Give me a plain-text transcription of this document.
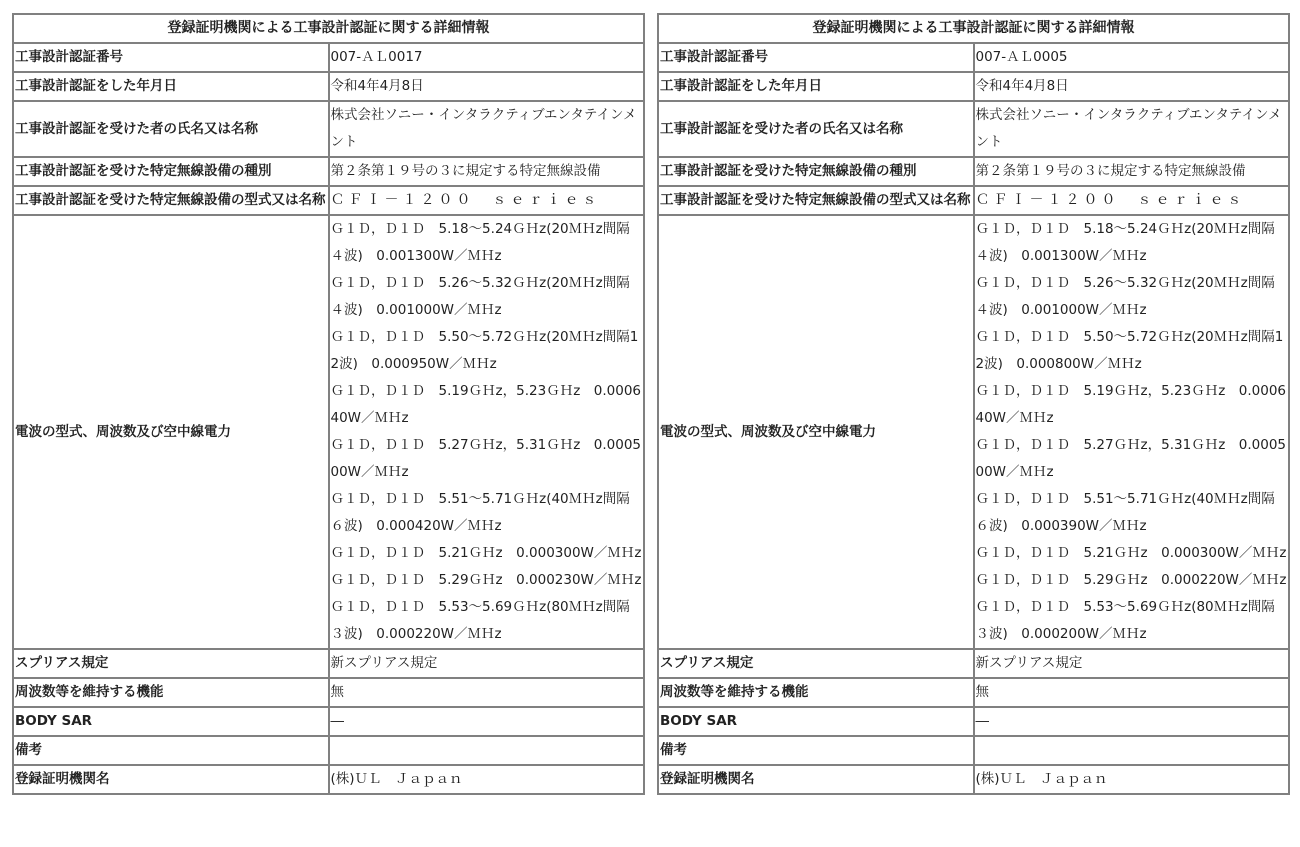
登録証明機関による工事設計認証に関する詳細情報	
工事設計認証番号	007-ＡＬ0017
工事設計認証をした年月日	令和4年4月8日
工事設計認証を受けた者の氏名又は名称	株式会社ソニー・インタラクティブエンタテインメント
工事設計認証を受けた特定無線設備の種別	第２条第１９号の３に規定する特定無線設備
工事設計認証を受けた特定無線設備の型式又は名称	ＣＦＩ－１２００　ｓｅｒｉｅｓ
電波の型式、周波数及び空中線電力	
Ｇ１Ｄ，Ｄ１Ｄ　5.18～5.24ＧＨz(20ＭＨz間隔４波)　0.001300W／ＭＨz
Ｇ１Ｄ，Ｄ１Ｄ　5.26～5.32ＧＨz(20ＭＨz間隔４波)　0.001000W／ＭＨz
Ｇ１Ｄ，Ｄ１Ｄ　5.50～5.72ＧＨz(20ＭＨz間隔12波)　0.000950W／ＭＨz
Ｇ１Ｄ，Ｄ１Ｄ　5.19ＧＨz，5.23ＧＨz　0.000640W／ＭＨz
Ｇ１Ｄ，Ｄ１Ｄ　5.27ＧＨz，5.31ＧＨz　0.000500W／ＭＨz
Ｇ１Ｄ，Ｄ１Ｄ　5.51～5.71ＧＨz(40ＭＨz間隔６波)　0.000420W／ＭＨz
Ｇ１Ｄ，Ｄ１Ｄ　5.21ＧＨz　0.000300W／ＭＨz
Ｇ１Ｄ，Ｄ１Ｄ　5.29ＧＨz　0.000230W／ＭＨz
Ｇ１Ｄ，Ｄ１Ｄ　5.53～5.69ＧＨz(80ＭＨz間隔３波)　0.000220W／ＭＨz

スプリアス規定	新スプリアス規定
周波数等を維持する機能	無
BODY SAR	―
備考	
登録証明機関名	(株)ＵＬ　Ｊａｐａｎ
登録証明機関による工事設計認証に関する詳細情報	
工事設計認証番号	007-ＡＬ0005
工事設計認証をした年月日	令和4年4月8日
工事設計認証を受けた者の氏名又は名称	株式会社ソニー・インタラクティブエンタテインメント
工事設計認証を受けた特定無線設備の種別	第２条第１９号の３に規定する特定無線設備
工事設計認証を受けた特定無線設備の型式又は名称	ＣＦＩ－１２００　ｓｅｒｉｅｓ
電波の型式、周波数及び空中線電力	
Ｇ１Ｄ，Ｄ１Ｄ　5.18～5.24ＧＨz(20ＭＨz間隔４波)　0.001300W／ＭＨz
Ｇ１Ｄ，Ｄ１Ｄ　5.26～5.32ＧＨz(20ＭＨz間隔４波)　0.001000W／ＭＨz
Ｇ１Ｄ，Ｄ１Ｄ　5.50～5.72ＧＨz(20ＭＨz間隔12波)　0.000800W／ＭＨz
Ｇ１Ｄ，Ｄ１Ｄ　5.19ＧＨz，5.23ＧＨz　0.000640W／ＭＨz
Ｇ１Ｄ，Ｄ１Ｄ　5.27ＧＨz，5.31ＧＨz　0.000500W／ＭＨz
Ｇ１Ｄ，Ｄ１Ｄ　5.51～5.71ＧＨz(40ＭＨz間隔６波)　0.000390W／ＭＨz
Ｇ１Ｄ，Ｄ１Ｄ　5.21ＧＨz　0.000300W／ＭＨz
Ｇ１Ｄ，Ｄ１Ｄ　5.29ＧＨz　0.000220W／ＭＨz
Ｇ１Ｄ，Ｄ１Ｄ　5.53～5.69ＧＨz(80ＭＨz間隔３波)　0.000200W／ＭＨz

スプリアス規定	新スプリアス規定
周波数等を維持する機能	無
BODY SAR	―
備考	
登録証明機関名	(株)ＵＬ　Ｊａｐａｎ
